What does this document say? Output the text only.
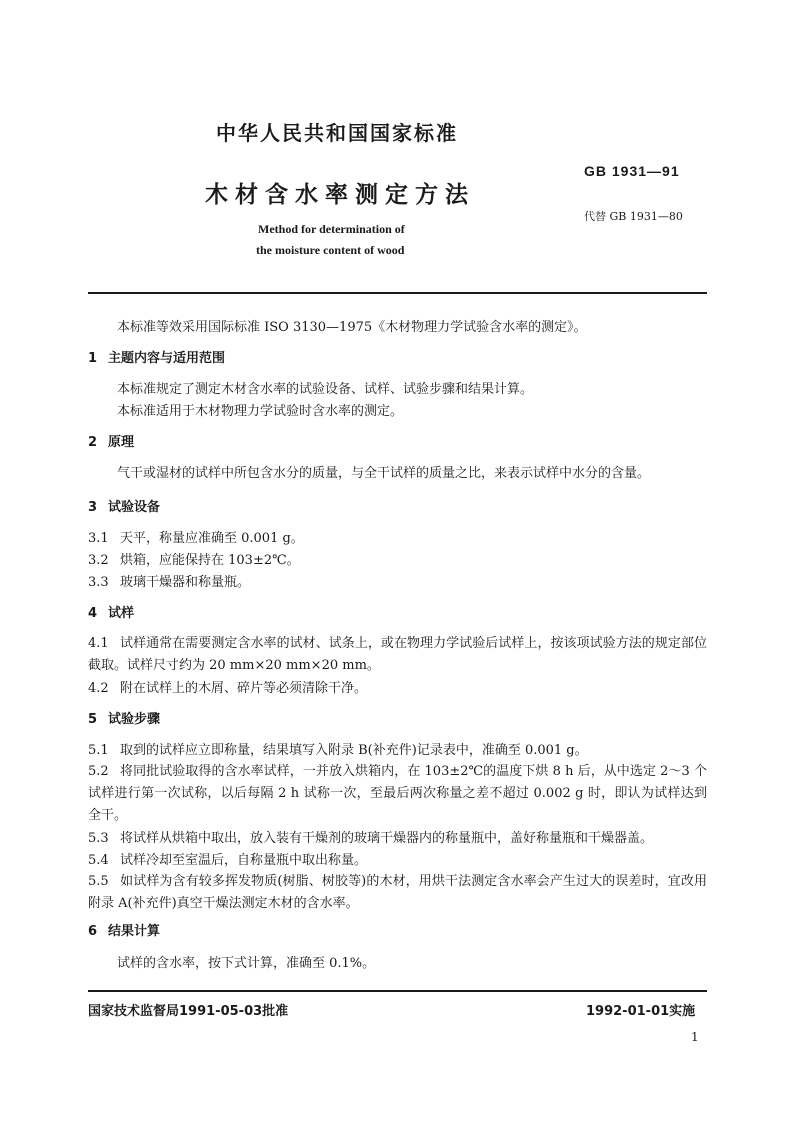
中华人民共和国国家标准
GB 1931—91
木材含水率测定方法
代替 GB 1931—80
Method for determination of
the moisture content of wood
本标准等效采用国际标准 ISO 3130—1975《木材物理力学试验含水率的测定》。
1 主题内容与适用范围
本标准规定了测定木材含水率的试验设备、试样、试验步骤和结果计算。
本标准适用于木材物理力学试验时含水率的测定。
2 原理
气干或湿材的试样中所包含水分的质量，与全干试样的质量之比，来表示试样中水分的含量。
3 试验设备
3.1 天平，称量应准确至 0.001 g。
3.2 烘箱，应能保持在 103±2℃。
3.3 玻璃干燥器和称量瓶。
4 试样
4.1 试样通常在需要测定含水率的试材、试条上，或在物理力学试验后试样上，按该项试验方法的规定部位截取。试样尺寸约为 20 mm×20 mm×20 mm。
4.2 附在试样上的木屑、碎片等必须清除干净。
5 试验步骤
5.1 取到的试样应立即称量，结果填写入附录 B(补充件)记录表中，准确至 0.001 g。
5.2 将同批试验取得的含水率试样，一并放入烘箱内，在 103±2℃的温度下烘 8 h 后，从中选定 2～3 个试样进行第一次试称，以后每隔 2 h 试称一次，至最后两次称量之差不超过 0.002 g 时，即认为试样达到全干。
5.3 将试样从烘箱中取出，放入装有干燥剂的玻璃干燥器内的称量瓶中，盖好称量瓶和干燥器盖。
5.4 试样冷却至室温后，自称量瓶中取出称量。
5.5 如试样为含有较多挥发物质(树脂、树胶等)的木材，用烘干法测定含水率会产生过大的误差时，宜改用附录 A(补充件)真空干燥法测定木材的含水率。
6 结果计算
试样的含水率，按下式计算，准确至 0.1%。
国家技术监督局1991-05-03批准	1992-01-01实施
1
